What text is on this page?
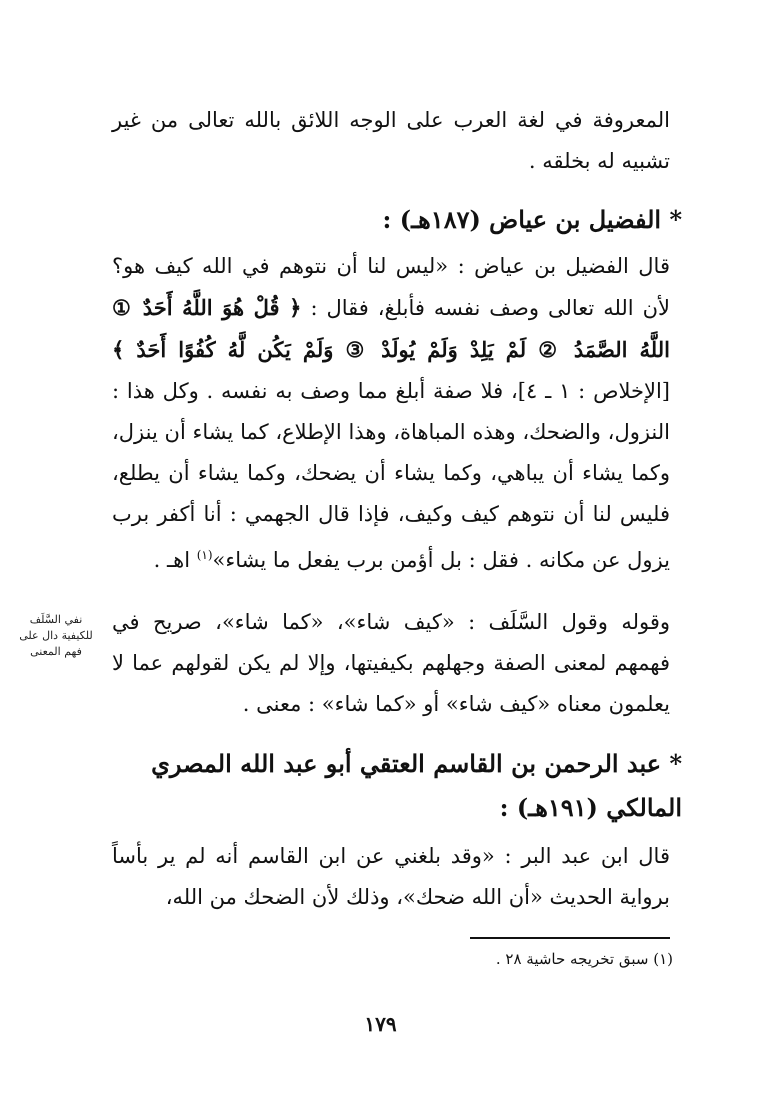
المعروفة في لغة العرب على الوجه اللائق بالله تعالى من غير تشبيه له بخلقه .

* الفضيل بن عياض (١٨٧هـ) :

قال الفضيل بن عياض : «ليس لنا أن نتوهم في الله كيف هو؟ لأن الله تعالى وصف نفسه فأبلغ، فقال : ﴿ قُلْ هُوَ اللَّهُ أَحَدٌ ① اللَّهُ الصَّمَدُ ② لَمْ يَلِدْ وَلَمْ يُولَدْ ③ وَلَمْ يَكُن لَّهُ كُفُوًا أَحَدٌ ﴾ [الإخلاص : ١ ـ ٤]، فلا صفة أبلغ مما وصف به نفسه . وكل هذا : النزول، والضحك، وهذه المباهاة، وهذا الإطلاع، كما يشاء أن ينزل، وكما يشاء أن يباهي، وكما يشاء أن يضحك، وكما يشاء أن يطلع، فليس لنا أن نتوهم كيف وكيف، فإذا قال الجهمي : أنا أكفر برب يزول عن مكانه . فقل : بل أؤمن برب يفعل ما يشاء»$^{(١)}$ اهـ .

نفي السَّلَف
للكيفية دال على
فهم المعنى

وقوله وقول السَّلَف : «كيف شاء»، «كما شاء»، صريح في فهمهم لمعنى الصفة وجهلهم بكيفيتها، وإلا لم يكن لقولهم عما لا يعلمون معناه «كيف شاء» أو «كما شاء» : معنى .

* عبد الرحمن بن القاسم العتقي أبو عبد الله المصري المالكي (١٩١هـ) :

قال ابن عبد البر : «وقد بلغني عن ابن القاسم أنه لم ير بأساً برواية الحديث «أن الله ضحك»، وذلك لأن الضحك من الله،

(١) سبق تخريجه حاشية ٢٨ .
١٧٩
